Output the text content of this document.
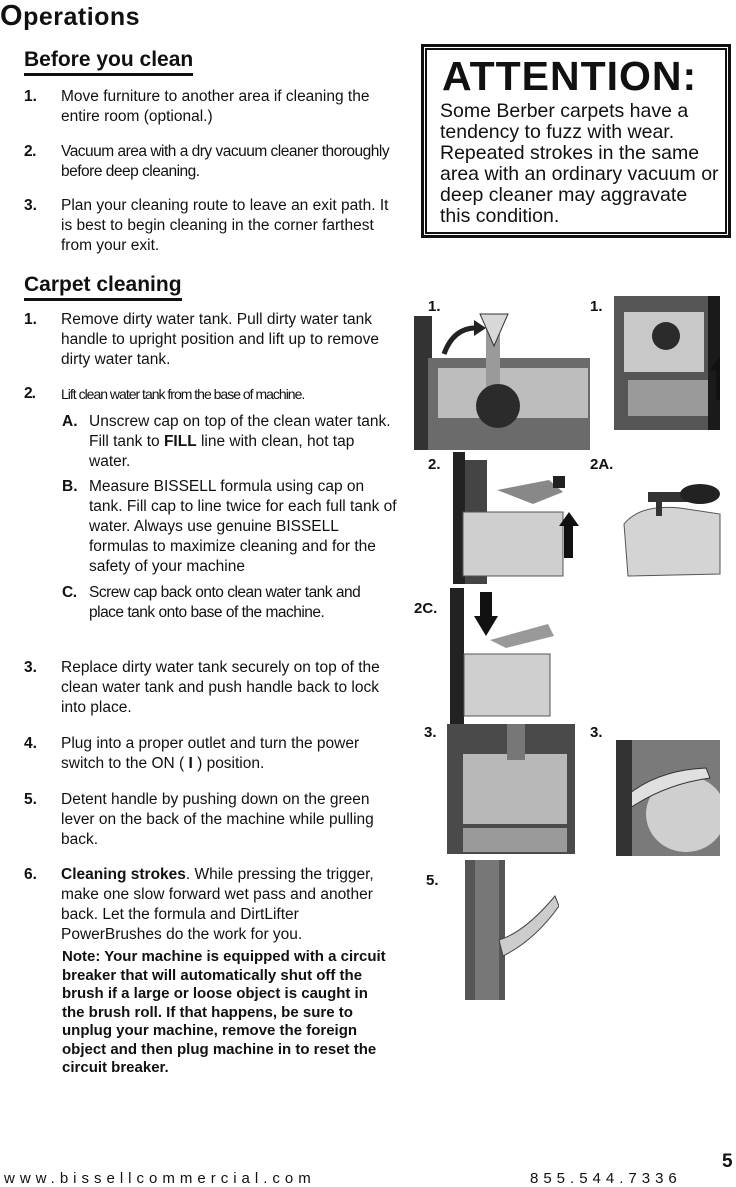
Operations
Before you clean
1. Move furniture to another area if cleaning the entire room (optional.)
2. Vacuum area with a dry vacuum cleaner thoroughly before deep cleaning.
3. Plan your cleaning route to leave an exit path. It is best to begin cleaning in the corner farthest from your exit.
ATTENTION:
Some Berber carpets have a tendency to fuzz with wear. Repeated strokes in the same area with an ordinary vacuum or deep cleaner may aggravate this condition.
Carpet cleaning
1. Remove dirty water tank. Pull dirty water tank handle to upright position and lift up to remove dirty water tank.
2. Lift clean water tank from the base of machine.
A. Unscrew cap on top of the clean water tank. Fill tank to FILL line with clean, hot tap water.
B. Measure BISSELL formula using cap on tank. Fill cap to line twice for each full tank of water. Always use genuine BISSELL formulas to maximize cleaning and for the safety of your machine
C. Screw cap back onto clean water tank and place tank onto base of the machine.
3. Replace dirty water tank securely on top of the clean water tank and push handle back to lock into place.
4. Plug into a proper outlet and turn the power switch to the ON ( I ) position.
5. Detent handle by pushing down on the green lever on the back of the machine while pulling back.
6. Cleaning strokes. While pressing the trigger, make one slow forward wet pass and another back. Let the formula and DirtLifter PowerBrushes do the work for you.
Note: Your machine is equipped with a circuit breaker that will automatically shut off the brush if a large or loose object is caught in the brush roll. If that happens, be sure to unplug your machine, remove the foreign object and then plug machine in to reset the circuit breaker.
1.	1.
2.	2A.
2C.
3.	3.
5.
5
www.bissellcommercial.com	855.544.7336
